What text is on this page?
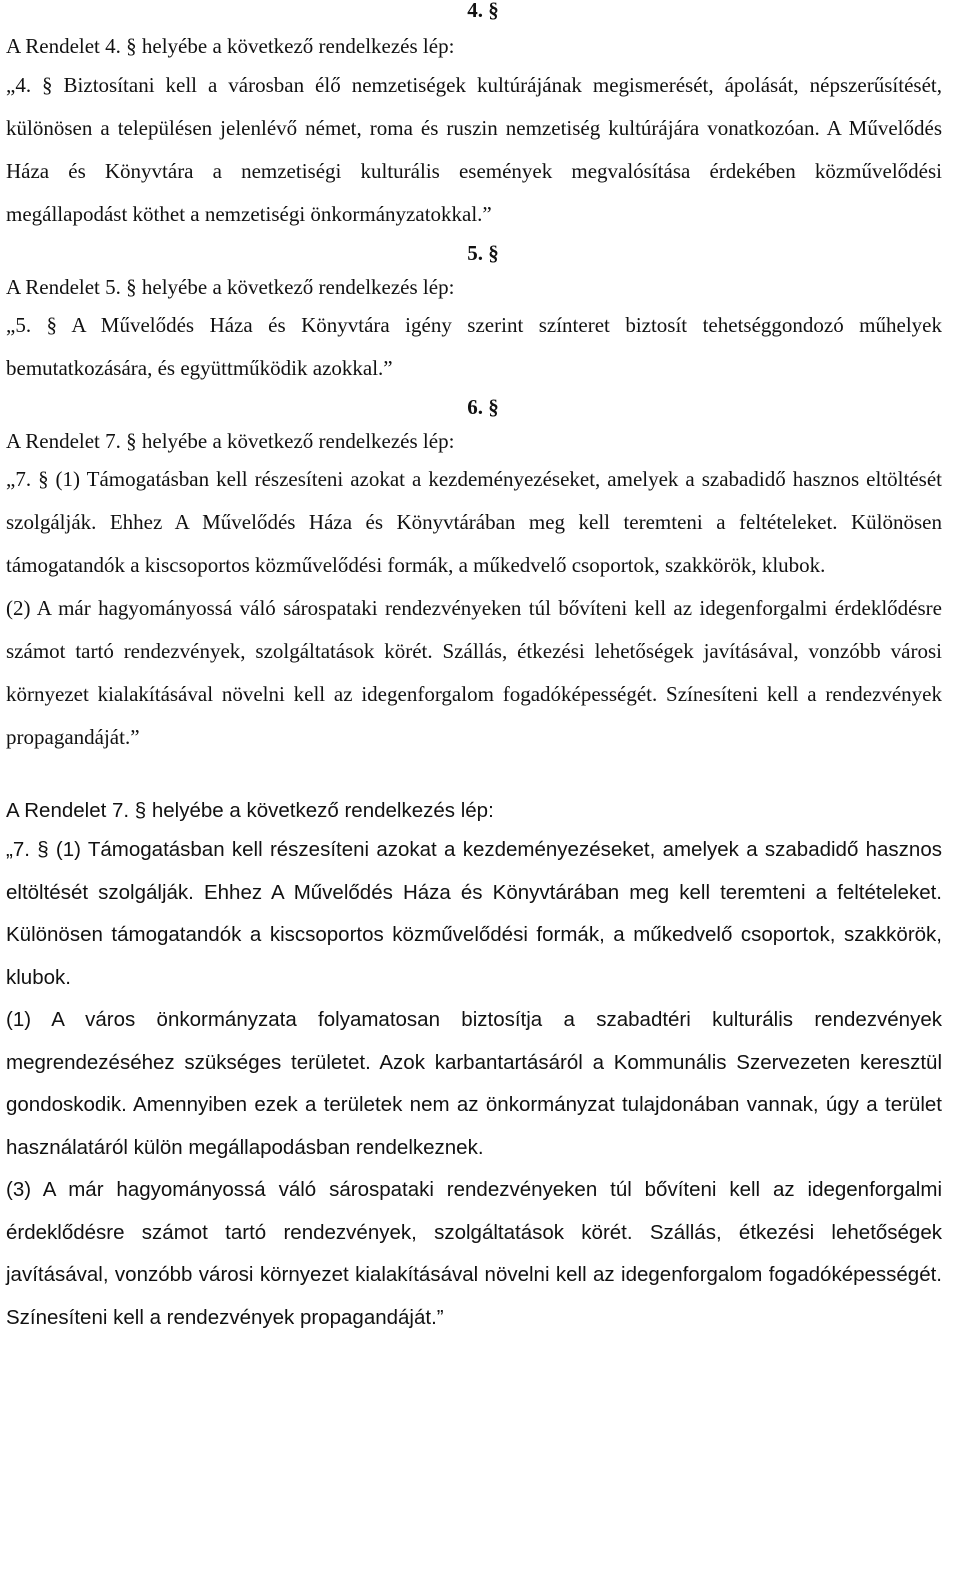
4. §

A Rendelet 4. § helyébe a következő rendelkezés lép:

„4. § Biztosítani kell a városban élő nemzetiségek kultúrájának megismerését, ápolását, népszerűsítését, különösen a településen jelenlévő német, roma és ruszin nemzetiség kultúrájára vonatkozóan. A Művelődés Háza és Könyvtára a nemzetiségi kulturális események megvalósítása érdekében közművelődési megállapodást köthet a nemzetiségi önkormányzatokkal.”

5. §

A Rendelet 5. § helyébe a következő rendelkezés lép:

„5. § A Művelődés Háza és Könyvtára igény szerint színteret biztosít tehetséggondozó műhelyek bemutatkozására, és együttműködik azokkal.”

6. §

A Rendelet 7. § helyébe a következő rendelkezés lép:

„7. § (1) Támogatásban kell részesíteni azokat a kezdeményezéseket, amelyek a szabadidő hasznos eltöltését szolgálják. Ehhez A Művelődés Háza és Könyvtárában meg kell teremteni a feltételeket. Különösen támogatandók a kiscsoportos közművelődési formák, a műkedvelő csoportok, szakkörök, klubok.

(2) A már hagyományossá váló sárospataki rendezvényeken túl bővíteni kell az idegenforgalmi érdeklődésre számot tartó rendezvények, szolgáltatások körét. Szállás, étkezési lehetőségek javításával, vonzóbb városi környezet kialakításával növelni kell az idegenforgalom fogadóképességét. Színesíteni kell a rendezvények propagandáját.”

A Rendelet 7. § helyébe a következő rendelkezés lép:

„7. § (1) Támogatásban kell részesíteni azokat a kezdeményezéseket, amelyek a szabadidő hasznos eltöltését szolgálják. Ehhez A Művelődés Háza és Könyvtárában meg kell teremteni a feltételeket. Különösen támogatandók a kiscsoportos közművelődési formák, a műkedvelő csoportok, szakkörök, klubok.

(1) A város önkormányzata folyamatosan biztosítja a szabadtéri kulturális rendezvények megrendezéséhez szükséges területet. Azok karbantartásáról a Kommunális Szervezeten keresztül gondoskodik. Amennyiben ezek a területek nem az önkormányzat tulajdonában vannak, úgy a terület használatáról külön megállapodásban rendelkeznek.

(3) A már hagyományossá váló sárospataki rendezvényeken túl bővíteni kell az idegenforgalmi érdeklődésre számot tartó rendezvények, szolgáltatások körét. Szállás, étkezési lehetőségek javításával, vonzóbb városi környezet kialakításával növelni kell az idegenforgalom fogadóképességét. Színesíteni kell a rendezvények propagandáját.”
